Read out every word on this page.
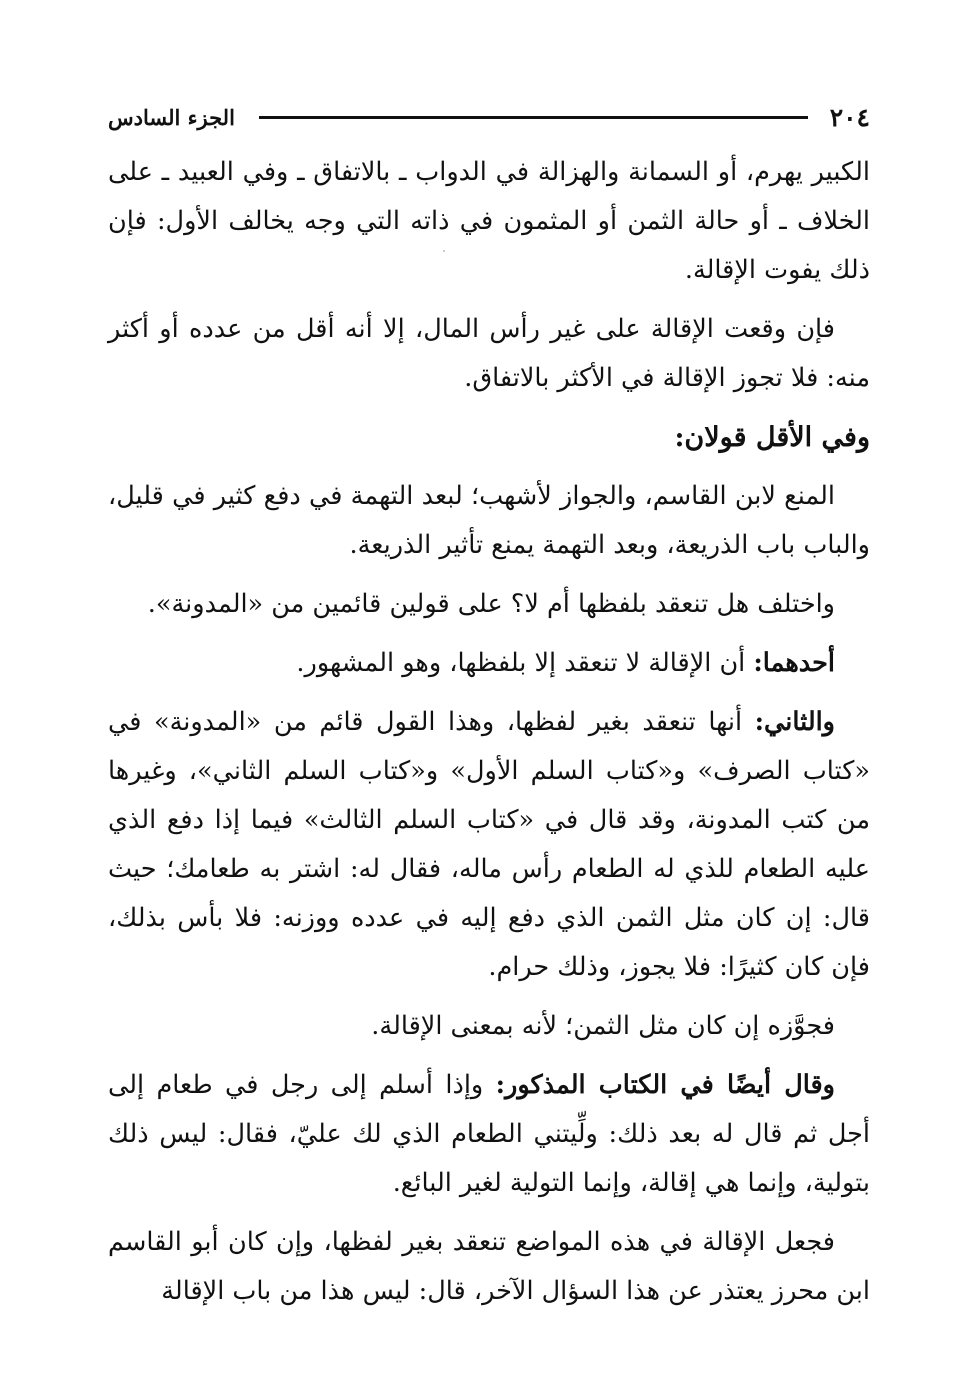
٢٠٤
الجزء السادس

الكبير يهرم، أو السمانة والهزالة في الدواب ـ بالاتفاق ـ وفي العبيد ـ على الخلاف ـ أو حالة الثمن أو المثمون في ذاته التي وجه يخالف الأول: فإن ذلك يفوت الإقالة.

فإن وقعت الإقالة على غير رأس المال، إلا أنه أقل من عدده أو أكثر منه: فلا تجوز الإقالة في الأكثر بالاتفاق.

وفي الأقل قولان:

المنع لابن القاسم، والجواز لأشهب؛ لبعد التهمة في دفع كثير في قليل، والباب باب الذريعة، وبعد التهمة يمنع تأثير الذريعة.

واختلف هل تنعقد بلفظها أم لا؟ على قولين قائمين من «المدونة».

أحدهما: أن الإقالة لا تنعقد إلا بلفظها، وهو المشهور.

والثاني: أنها تنعقد بغير لفظها، وهذا القول قائم من «المدونة» في «كتاب الصرف» و«كتاب السلم الأول» و«كتاب السلم الثاني»، وغيرها من كتب المدونة، وقد قال في «كتاب السلم الثالث» فيما إذا دفع الذي عليه الطعام للذي له الطعام رأس ماله، فقال له: اشتر به طعامك؛ حيث قال: إن كان مثل الثمن الذي دفع إليه في عدده ووزنه: فلا بأس بذلك، فإن كان كثيرًا: فلا يجوز، وذلك حرام.

فجوَّزه إن كان مثل الثمن؛ لأنه بمعنى الإقالة.

وقال أيضًا في الكتاب المذكور: وإذا أسلم إلى رجل في طعام إلى أجل ثم قال له بعد ذلك: ولِّيتني الطعام الذي لك عليّ، فقال: ليس ذلك بتولية، وإنما هي إقالة، وإنما التولية لغير البائع.

فجعل الإقالة في هذه المواضع تنعقد بغير لفظها، وإن كان أبو القاسم ابن محرز يعتذر عن هذا السؤال الآخر، قال: ليس هذا من باب الإقالة
